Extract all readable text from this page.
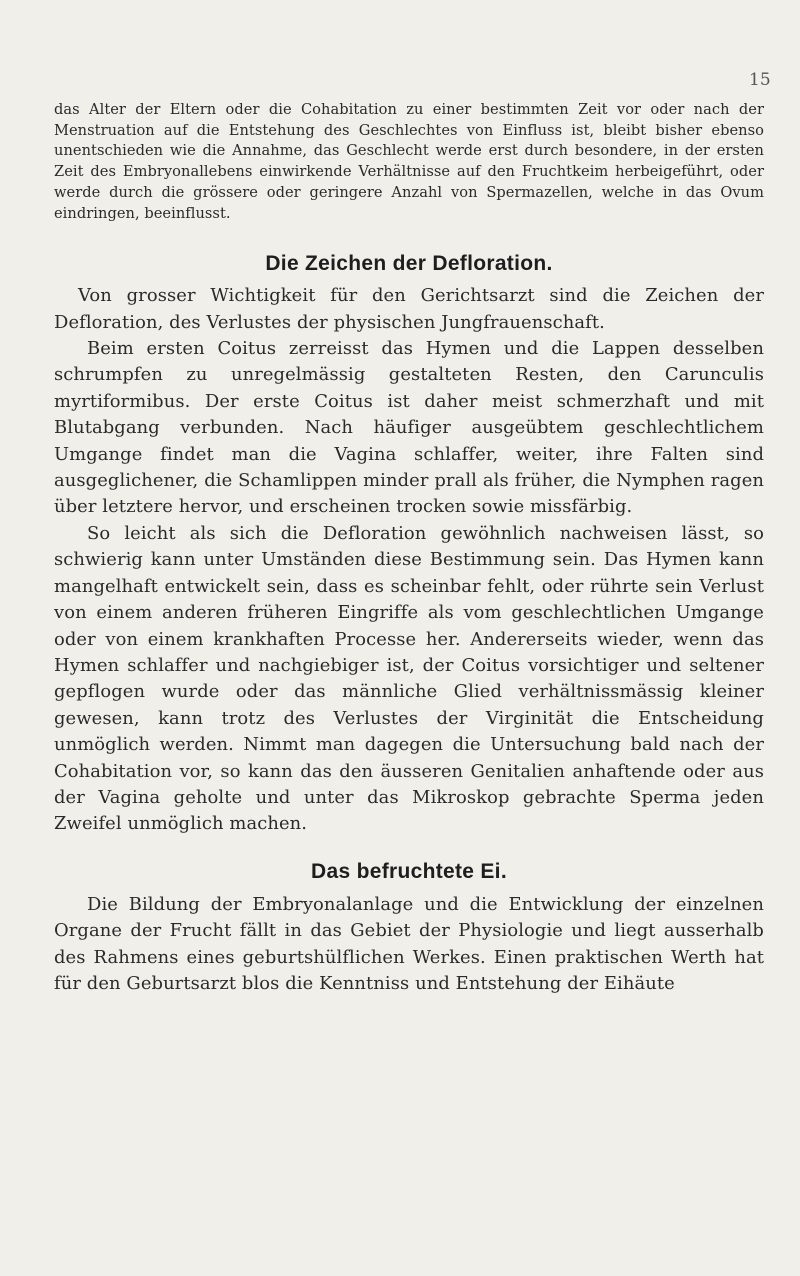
15

das Alter der Eltern oder die Cohabitation zu einer bestimmten Zeit vor oder nach der Menstruation auf die Entstehung des Geschlechtes von Einfluss ist, bleibt bisher ebenso unentschieden wie die Annahme, das Geschlecht werde erst durch besondere, in der ersten Zeit des Embryonallebens einwirkende Verhältnisse auf den Fruchtkeim herbeigeführt, oder werde durch die grössere oder geringere Anzahl von Spermazellen, welche in das Ovum eindringen, beeinflusst.

Die Zeichen der Defloration.

Von grosser Wichtigkeit für den Gerichtsarzt sind die Zeichen der Defloration, des Verlustes der physischen Jungfrauenschaft.

Beim ersten Coitus zerreisst das Hymen und die Lappen desselben schrumpfen zu unregelmässig gestalteten Resten, den Carunculis myrtiformibus. Der erste Coitus ist daher meist schmerzhaft und mit Blutabgang verbunden. Nach häufiger ausgeübtem geschlechtlichem Umgange findet man die Vagina schlaffer, weiter, ihre Falten sind ausgeglichener, die Schamlippen minder prall als früher, die Nymphen ragen über letztere hervor, und erscheinen trocken sowie missfärbig.

So leicht als sich die Defloration gewöhnlich nachweisen lässt, so schwierig kann unter Umständen diese Bestimmung sein. Das Hymen kann mangelhaft entwickelt sein, dass es scheinbar fehlt, oder rührte sein Verlust von einem anderen früheren Eingriffe als vom geschlechtlichen Umgange oder von einem krankhaften Processe her. Andererseits wieder, wenn das Hymen schlaffer und nachgiebiger ist, der Coitus vorsichtiger und seltener gepflogen wurde oder das männliche Glied verhältnissmässig kleiner gewesen, kann trotz des Verlustes der Virginität die Entscheidung unmöglich werden. Nimmt man dagegen die Untersuchung bald nach der Cohabitation vor, so kann das den äusseren Genitalien anhaftende oder aus der Vagina geholte und unter das Mikroskop gebrachte Sperma jeden Zweifel unmöglich machen.

Das befruchtete Ei.

Die Bildung der Embryonalanlage und die Entwicklung der einzelnen Organe der Frucht fällt in das Gebiet der Physiologie und liegt ausserhalb des Rahmens eines geburtshülflichen Werkes. Einen praktischen Werth hat für den Geburtsarzt blos die Kenntniss und Entstehung der Eihäute
